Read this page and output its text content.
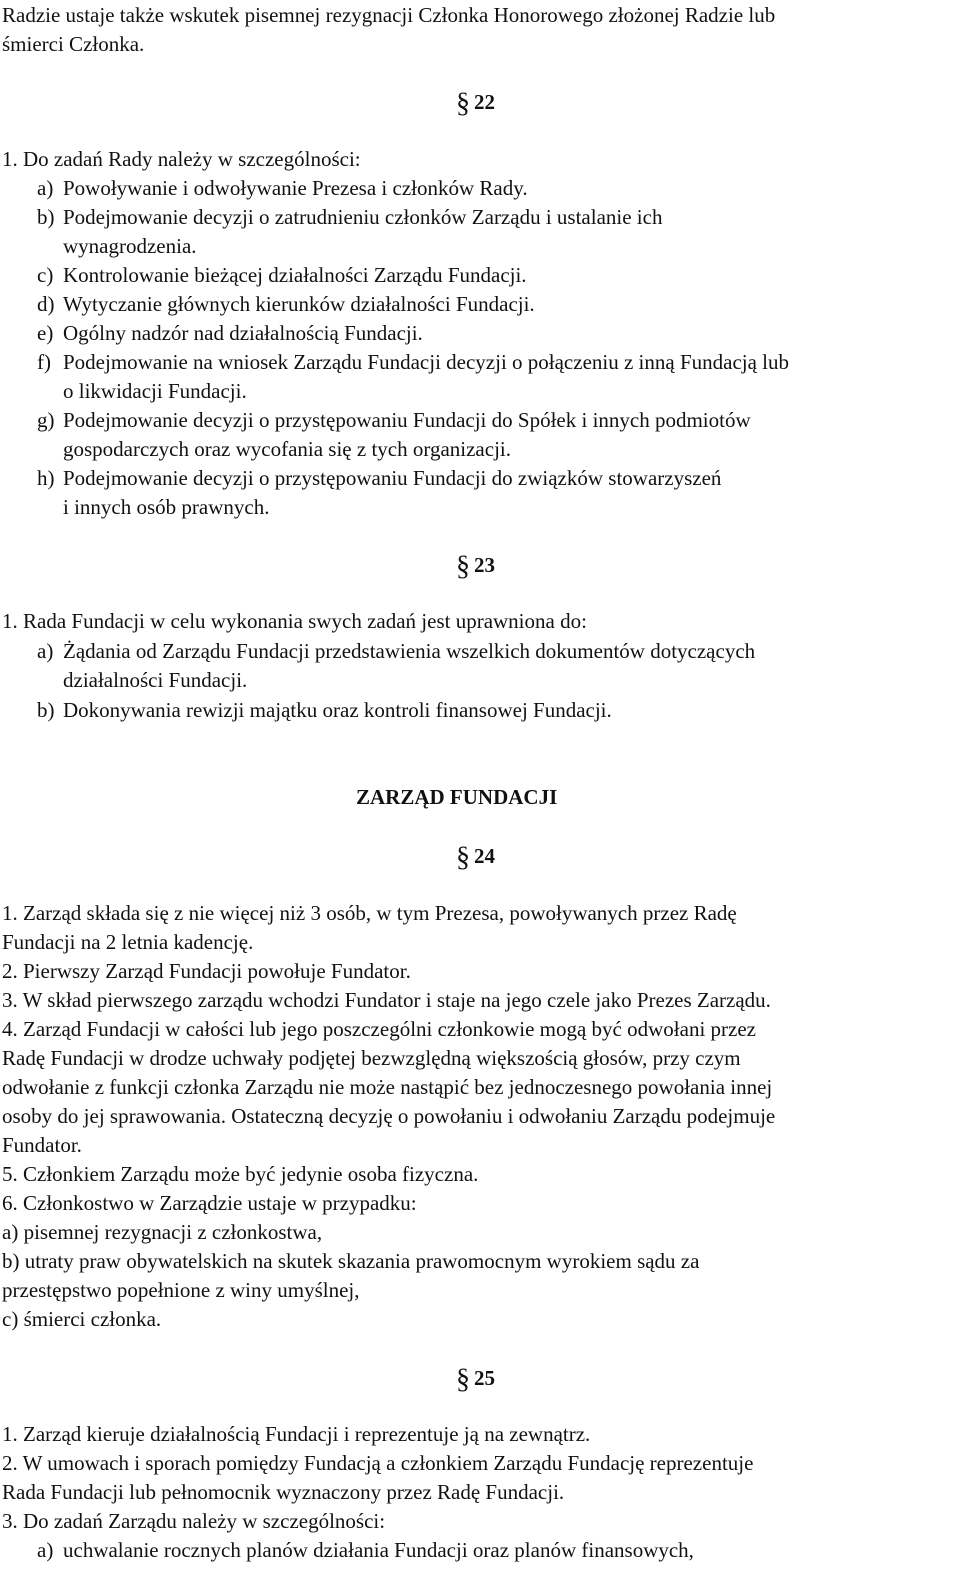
Radzie ustaje także wskutek pisemnej rezygnacji Członka Honorowego złożonej Radzie lub
śmierci Członka.
§ 22
1. Do zadań Rady należy w szczególności:
a) Powoływanie i odwoływanie Prezesa i członków Rady.
b) Podejmowanie decyzji o zatrudnieniu członków Zarządu i ustalanie ich
wynagrodzenia.
c) Kontrolowanie bieżącej działalności Zarządu Fundacji.
d) Wytyczanie głównych kierunków działalności Fundacji.
e) Ogólny nadzór nad działalnością Fundacji.
f) Podejmowanie na wniosek Zarządu Fundacji decyzji o połączeniu z inną Fundacją lub
o likwidacji Fundacji.
g) Podejmowanie decyzji o przystępowaniu Fundacji do Spółek i innych podmiotów
gospodarczych oraz wycofania się z tych organizacji.
h) Podejmowanie decyzji o przystępowaniu Fundacji do związków stowarzyszeń
i innych osób prawnych.
§ 23
1. Rada Fundacji w celu wykonania swych zadań jest uprawniona do:
a) Żądania od Zarządu Fundacji przedstawienia wszelkich dokumentów dotyczących
działalności Fundacji.
b) Dokonywania rewizji majątku oraz kontroli finansowej Fundacji.
ZARZĄD FUNDACJI
§ 24
1. Zarząd składa się z nie więcej niż 3 osób, w tym Prezesa, powoływanych przez Radę
Fundacji na 2 letnia kadencję.
2. Pierwszy Zarząd Fundacji powołuje Fundator.
3. W skład pierwszego zarządu wchodzi Fundator i staje na jego czele jako Prezes Zarządu.
4. Zarząd Fundacji w całości lub jego poszczególni członkowie mogą być odwołani przez
Radę Fundacji w drodze uchwały podjętej bezwzględną większością głosów, przy czym
odwołanie z funkcji członka Zarządu nie może nastąpić bez jednoczesnego powołania innej
osoby do jej sprawowania. Ostateczną decyzję o powołaniu i odwołaniu Zarządu podejmuje
Fundator.
5. Członkiem Zarządu może być jedynie osoba fizyczna.
6. Członkostwo w Zarządzie ustaje w przypadku:
a) pisemnej rezygnacji z członkostwa,
b) utraty praw obywatelskich na skutek skazania prawomocnym wyrokiem sądu za
przestępstwo popełnione z winy umyślnej,
c) śmierci członka.
§ 25
1. Zarząd kieruje działalnością Fundacji i reprezentuje ją na zewnątrz.
2. W umowach i sporach pomiędzy Fundacją a członkiem Zarządu Fundację reprezentuje
Rada Fundacji lub pełnomocnik wyznaczony przez Radę Fundacji.
3. Do zadań Zarządu należy w szczególności:
a) uchwalanie rocznych planów działania Fundacji oraz planów finansowych,
